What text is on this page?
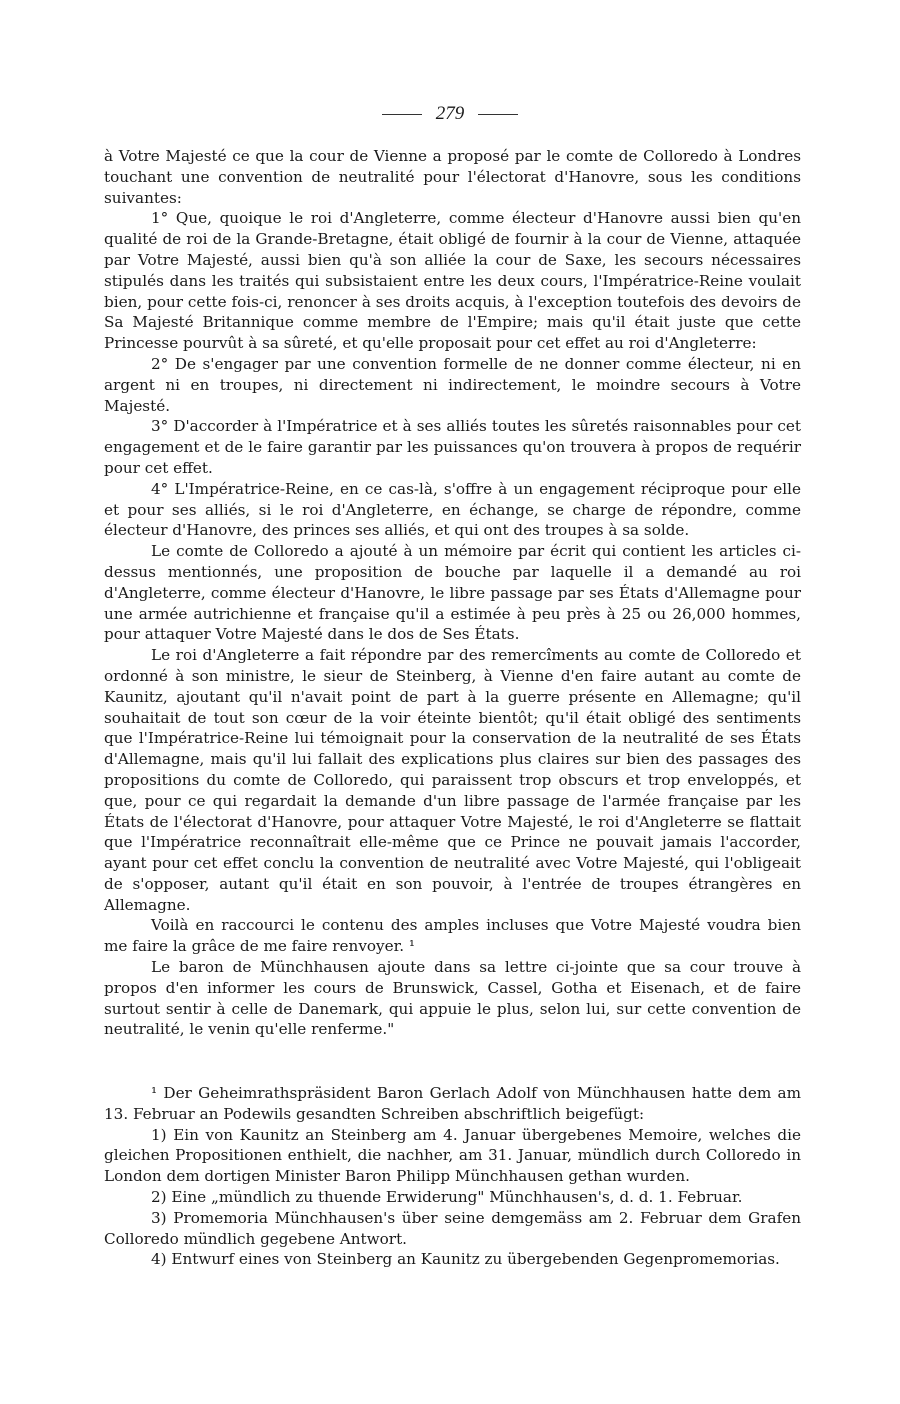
279

à Votre Majesté ce que la cour de Vienne a proposé par le comte de Colloredo à Londres touchant une convention de neutralité pour l'électorat d'Hanovre, sous les conditions suivantes:

1° Que, quoique le roi d'Angleterre, comme électeur d'Hanovre aussi bien qu'en qualité de roi de la Grande-Bretagne, était obligé de fournir à la cour de Vienne, attaquée par Votre Majesté, aussi bien qu'à son alliée la cour de Saxe, les secours nécessaires stipulés dans les traités qui subsistaient entre les deux cours, l'Impératrice-Reine voulait bien, pour cette fois-ci, renoncer à ses droits acquis, à l'exception toutefois des devoirs de Sa Majesté Britannique comme membre de l'Empire; mais qu'il était juste que cette Princesse pourvût à sa sûreté, et qu'elle proposait pour cet effet au roi d'Angleterre:

2° De s'engager par une convention formelle de ne donner comme électeur, ni en argent ni en troupes, ni directement ni indirectement, le moindre secours à Votre Majesté.

3° D'accorder à l'Impératrice et à ses alliés toutes les sûretés raisonnables pour cet engagement et de le faire garantir par les puissances qu'on trouvera à propos de requérir pour cet effet.

4° L'Impératrice-Reine, en ce cas-là, s'offre à un engagement réciproque pour elle et pour ses alliés, si le roi d'Angleterre, en échange, se charge de répondre, comme électeur d'Hanovre, des princes ses alliés, et qui ont des troupes à sa solde.

Le comte de Colloredo a ajouté à un mémoire par écrit qui contient les articles ci-dessus mentionnés, une proposition de bouche par laquelle il a demandé au roi d'Angleterre, comme électeur d'Hanovre, le libre passage par ses États d'Allemagne pour une armée autrichienne et française qu'il a estimée à peu près à 25 ou 26,000 hommes, pour attaquer Votre Majesté dans le dos de Ses États.

Le roi d'Angleterre a fait répondre par des remercîments au comte de Colloredo et ordonné à son ministre, le sieur de Steinberg, à Vienne d'en faire autant au comte de Kaunitz, ajoutant qu'il n'avait point de part à la guerre présente en Allemagne; qu'il souhaitait de tout son cœur de la voir éteinte bientôt; qu'il était obligé des sentiments que l'Impératrice-Reine lui témoignait pour la conservation de la neutralité de ses États d'Allemagne, mais qu'il lui fallait des explications plus claires sur bien des passages des propositions du comte de Colloredo, qui paraissent trop obscurs et trop enveloppés, et que, pour ce qui regardait la demande d'un libre passage de l'armée française par les États de l'électorat d'Hanovre, pour attaquer Votre Majesté, le roi d'Angleterre se flattait que l'Impératrice reconnaîtrait elle-même que ce Prince ne pouvait jamais l'accorder, ayant pour cet effet conclu la convention de neutralité avec Votre Majesté, qui l'obligeait de s'opposer, autant qu'il était en son pouvoir, à l'entrée de troupes étrangères en Allemagne.

Voilà en raccourci le contenu des amples incluses que Votre Majesté voudra bien me faire la grâce de me faire renvoyer. ¹

Le baron de Münchhausen ajoute dans sa lettre ci-jointe que sa cour trouve à propos d'en informer les cours de Brunswick, Cassel, Gotha et Eisenach, et de faire surtout sentir à celle de Danemark, qui appuie le plus, selon lui, sur cette convention de neutralité, le venin qu'elle renferme."

¹ Der Geheimrathspräsident Baron Gerlach Adolf von Münchhausen hatte dem am 13. Februar an Podewils gesandten Schreiben abschriftlich beigefügt:

1) Ein von Kaunitz an Steinberg am 4. Januar übergebenes Memoire, welches die gleichen Propositionen enthielt, die nachher, am 31. Januar, mündlich durch Colloredo in London dem dortigen Minister Baron Philipp Münchhausen gethan wurden.

2) Eine „mündlich zu thuende Erwiderung" Münchhausen's, d. d. 1. Februar.

3) Promemoria Münchhausen's über seine demgemäss am 2. Februar dem Grafen Colloredo mündlich gegebene Antwort.

4) Entwurf eines von Steinberg an Kaunitz zu übergebenden Gegenpromemorias.
